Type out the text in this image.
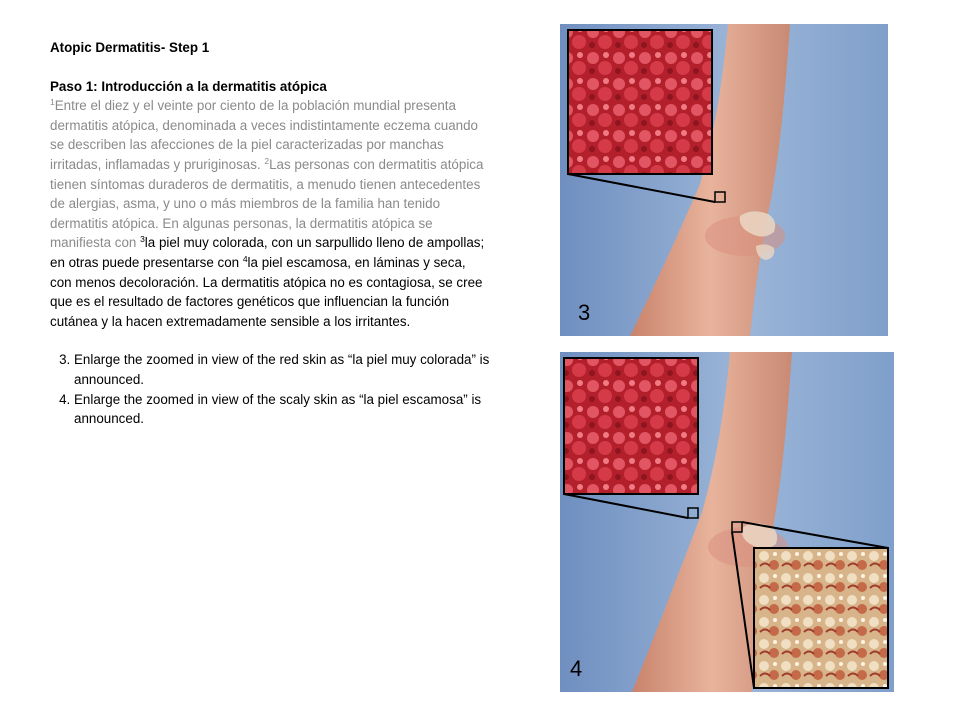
Atopic Dermatitis- Step 1

Paso 1: Introducción a la dermatitis atópica

$^1$Entre el diez y el veinte por ciento de la población mundial presenta dermatitis atópica, denominada a veces indistintamente eczema cuando se describen las afecciones de la piel caracterizadas por manchas irritadas, inflamadas y pruriginosas. $^2$Las personas con dermatitis atópica tienen síntomas duraderos de dermatitis, a menudo tienen antecedentes de alergias, asma, y uno o más miembros de la familia han tenido dermatitis atópica. En algunas personas, la dermatitis atópica se manifiesta con $^3$la piel muy colorada, con un sarpullido lleno de ampollas; en otras puede presentarse con $^4$la piel escamosa, en láminas y seca, con menos decoloración. La dermatitis atópica no es contagiosa, se cree que es el resultado de factores genéticos que influencian la función cutánea y la hacen extremadamente sensible a los irritantes.

3. Enlarge the zoomed in view of the red skin as “la piel muy colorada” is announced.
4. Enlarge the zoomed in view of the scaly skin as “la piel escamosa” is announced.
3
4
